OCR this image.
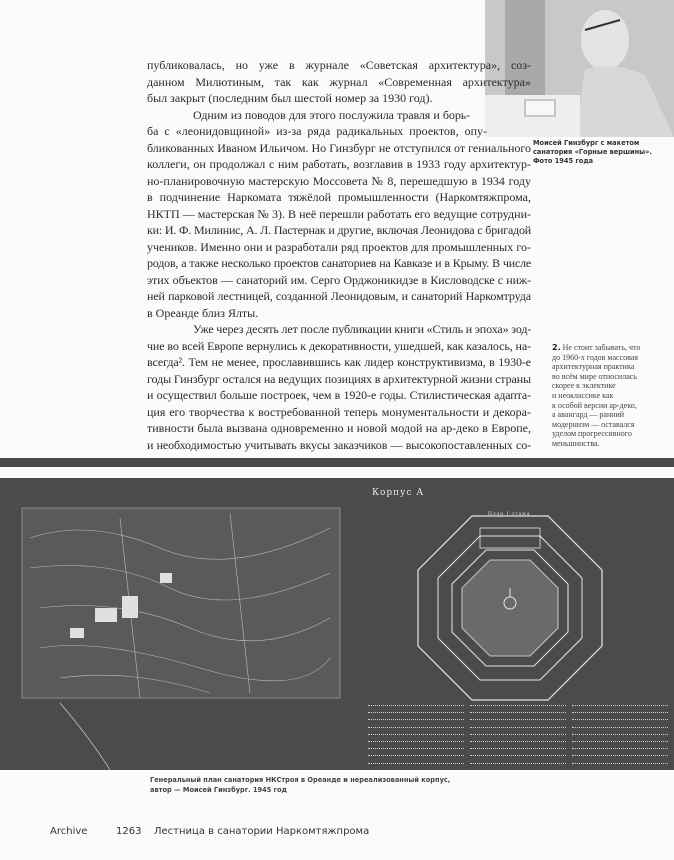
Моисей Гинзбург с макетом
санатория «Горные вершины».
Фото 1945 года
публиковалась, но уже в журнале «Советская архитектура», соз-
данном Милютиным, так как журнал «Современная архитектура»
был закрыт (последним был шестой номер за 1930 год).
Одним из поводов для этого послужила травля и борь-
ба с «леонидовщиной» из-за ряда радикальных проектов, опу-
бликованных Иваном Ильичом. Но Гинзбург не отступился от гениального
коллеги, он продолжал с ним работать, возглавив в 1933 году архитектур-
но-планировочную мастерскую Моссовета № 8, перешедшую в 1934 году
в подчинение Наркомата тяжёлой промышленности (Наркомтяжпрома,
НКТП — мастерская № 3). В неё перешли работать его ведущие сотрудни-
ки: И. Ф. Милинис, А. Л. Пастернак и другие, включая Леонидова с бригадой
учеников. Именно они и разработали ряд проектов для промышленных го-
родов, а также несколько проектов санаториев на Кавказе и в Крыму. В числе
этих объектов — санаторий им. Серго Орджоникидзе в Кисловодске с ниж-
ней парковой лестницей, созданной Леонидовым, и санаторий Наркомтруда
в Ореанде близ Ялты.
Уже через десять лет после публикации книги «Стиль и эпоха» зод-
чие во всей Европе вернулись к декоративности, ушедшей, как казалось, на-
всегда². Тем не менее, прославившись как лидер конструктивизма, в 1930-е
годы Гинзбург остался на ведущих позициях в архитектурной жизни страны
и осуществил больше построек, чем в 1920-е годы. Стилистическая адапта-
ция его творчества к востребованной теперь монументальности и декора-
тивности была вызвана одновременно и новой модой на ар-деко в Европе,
и необходимостью учитывать вкусы заказчиков — высокопоставленных со-
2. Не стоит забывать, что
до 1960-х годов массовая
архитектурная практика
во всём мире относилась
скорее к эклектике
и неоклассике как
к особой версии ар-деко,
а авангард — ранний
модернизм — оставался
уделом прогрессивного
меньшинства.
Корпус А
План I этажа
Генеральный план санатория НКСтроя в Ореанде и нереализованный корпус,
автор — Моисей Гинзбург. 1945 год
Archive	1263 Лестница в санатории Наркомтяжпрома
